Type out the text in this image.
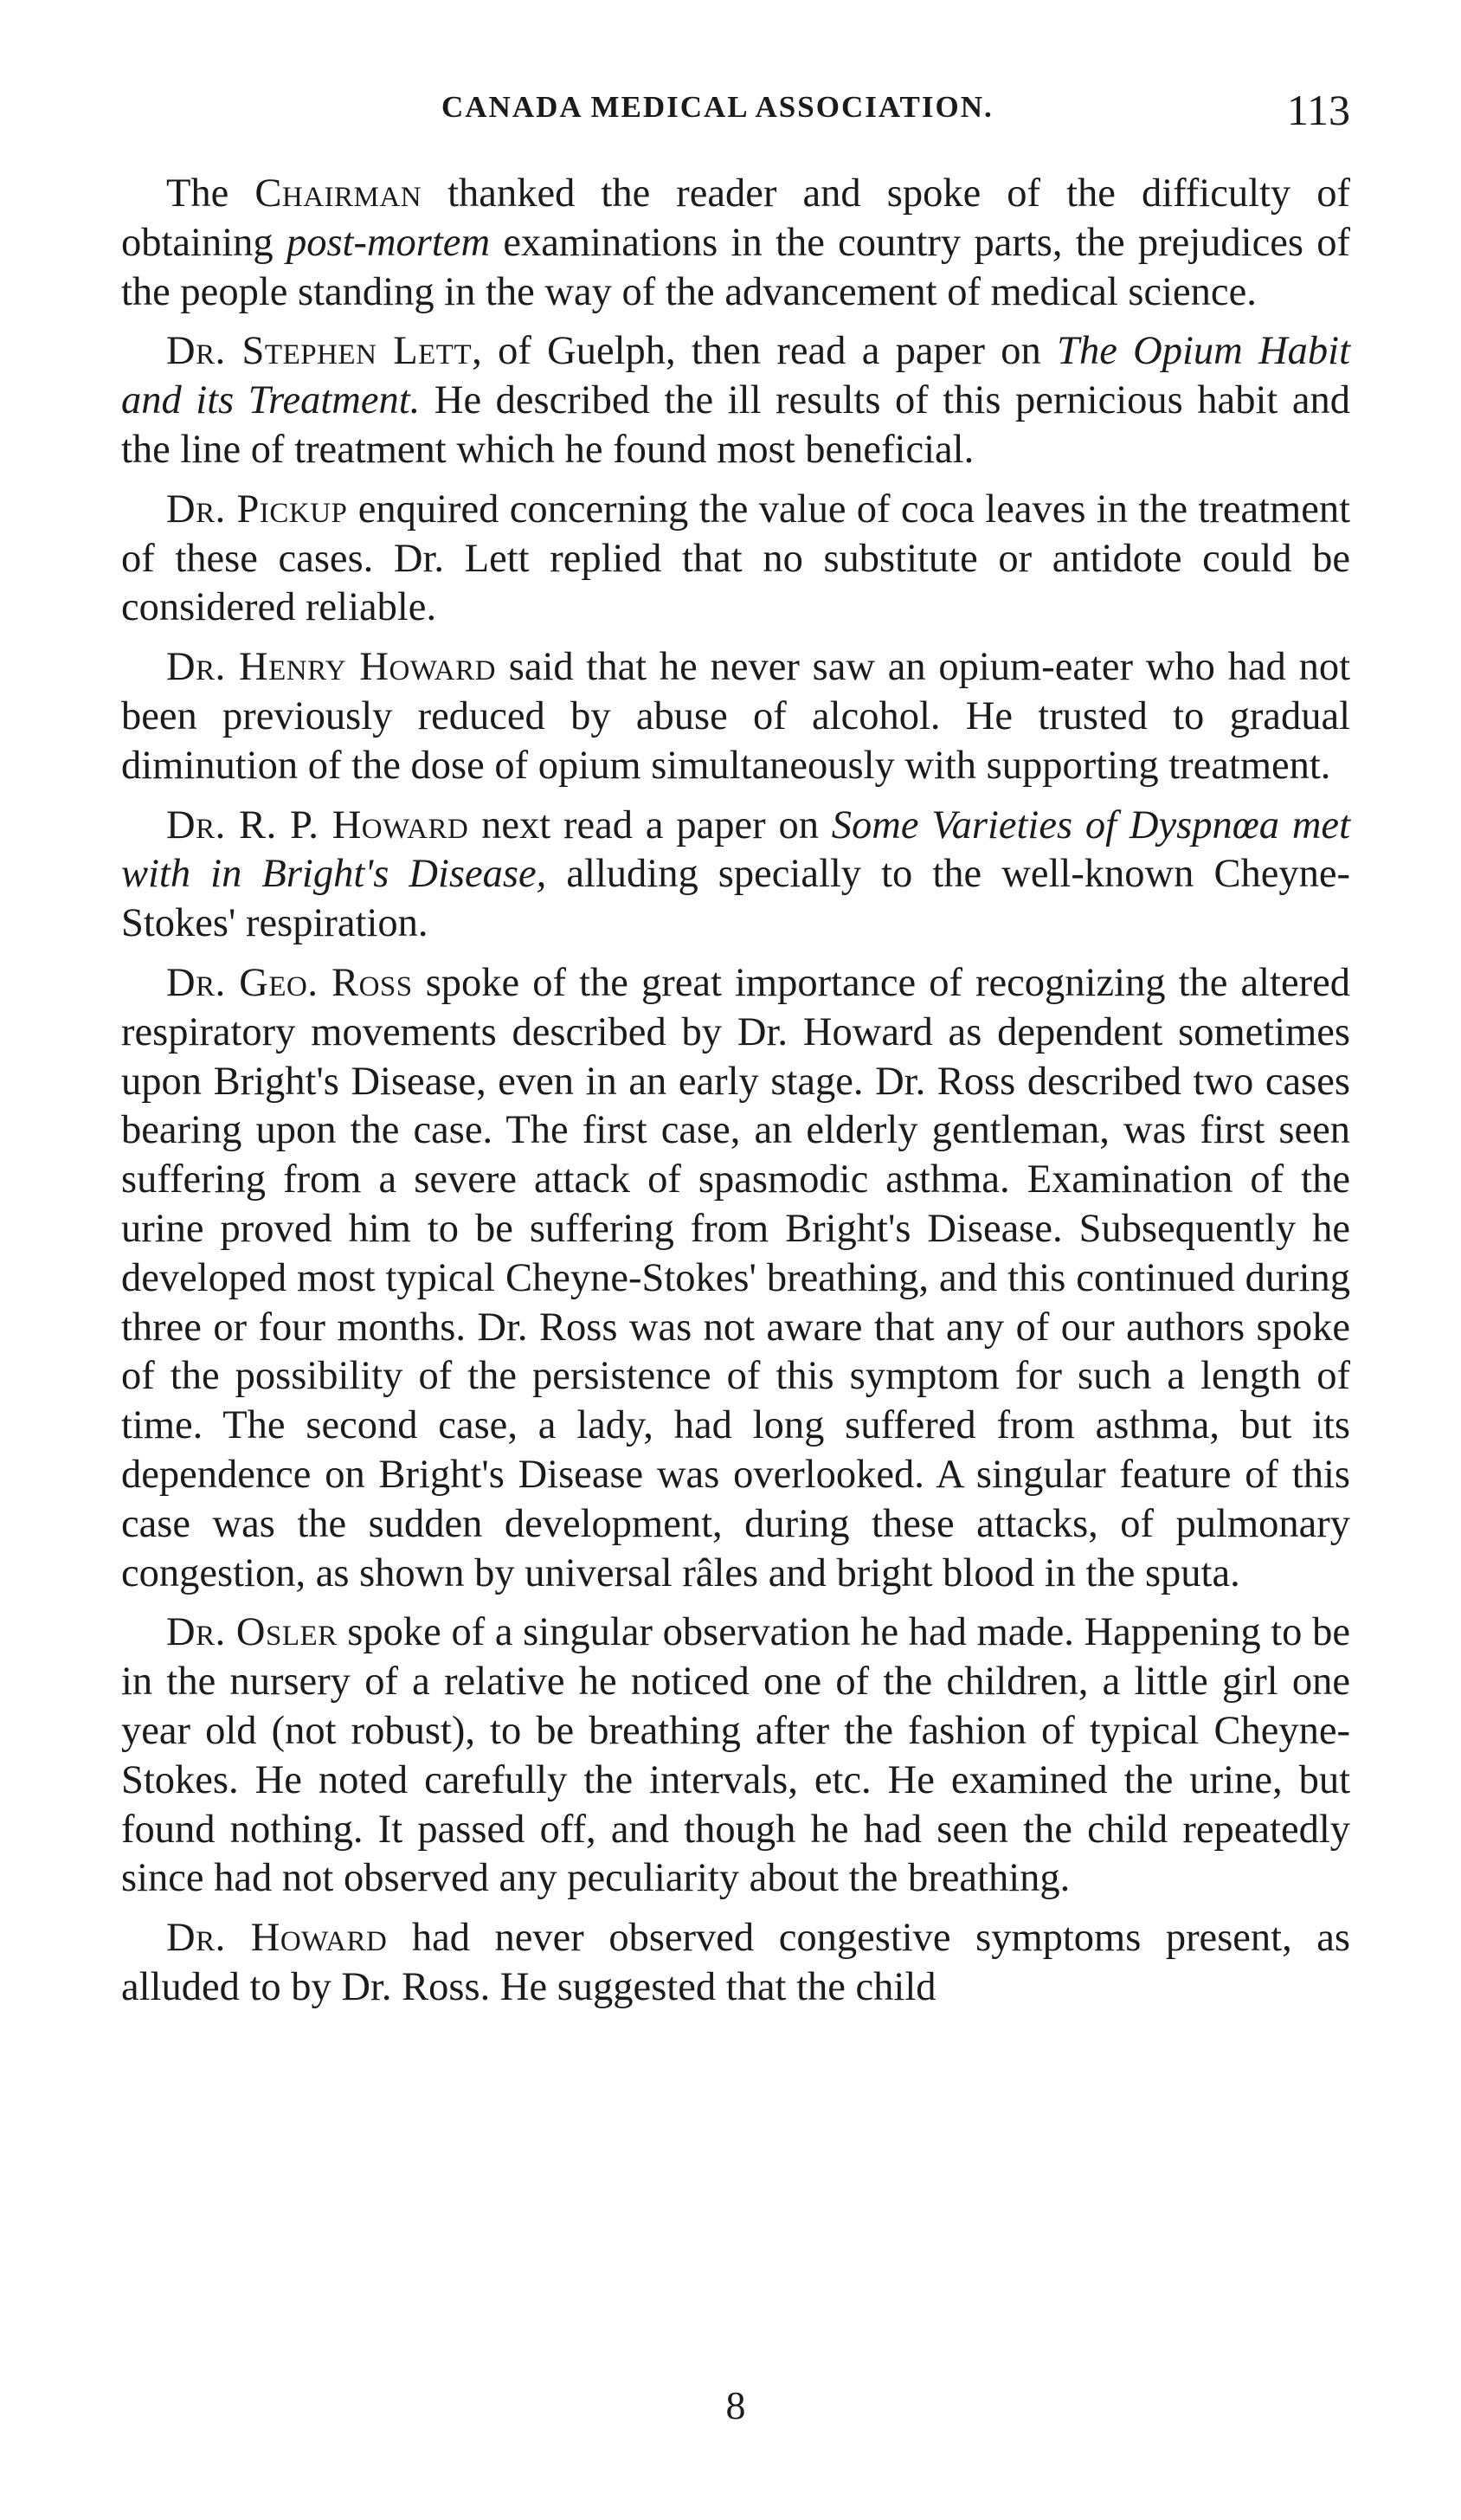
CANADA MEDICAL ASSOCIATION.	113

The Chairman thanked the reader and spoke of the difficulty of obtaining post-mortem examinations in the country parts, the prejudices of the people standing in the way of the advancement of medical science.

Dr. Stephen Lett, of Guelph, then read a paper on The Opium Habit and its Treatment. He described the ill results of this pernicious habit and the line of treatment which he found most beneficial.

Dr. Pickup enquired concerning the value of coca leaves in the treatment of these cases. Dr. Lett replied that no substitute or antidote could be considered reliable.

Dr. Henry Howard said that he never saw an opium-eater who had not been previously reduced by abuse of alcohol. He trusted to gradual diminution of the dose of opium simultaneously with supporting treatment.

Dr. R. P. Howard next read a paper on Some Varieties of Dyspnœa met with in Bright's Disease, alluding specially to the well-known Cheyne-Stokes' respiration.

Dr. Geo. Ross spoke of the great importance of recognizing the altered respiratory movements described by Dr. Howard as dependent sometimes upon Bright's Disease, even in an early stage. Dr. Ross described two cases bearing upon the case. The first case, an elderly gentleman, was first seen suffering from a severe attack of spasmodic asthma. Examination of the urine proved him to be suffering from Bright's Disease. Subsequently he developed most typical Cheyne-Stokes' breathing, and this continued during three or four months. Dr. Ross was not aware that any of our authors spoke of the possibility of the persistence of this symptom for such a length of time. The second case, a lady, had long suffered from asthma, but its dependence on Bright's Disease was overlooked. A singular feature of this case was the sudden development, during these attacks, of pulmonary congestion, as shown by universal râles and bright blood in the sputa.

Dr. Osler spoke of a singular observation he had made. Happening to be in the nursery of a relative he noticed one of the children, a little girl one year old (not robust), to be breathing after the fashion of typical Cheyne-Stokes. He noted carefully the intervals, etc. He examined the urine, but found nothing. It passed off, and though he had seen the child repeatedly since had not observed any peculiarity about the breathing.

Dr. Howard had never observed congestive symptoms present, as alluded to by Dr. Ross. He suggested that the child

8
